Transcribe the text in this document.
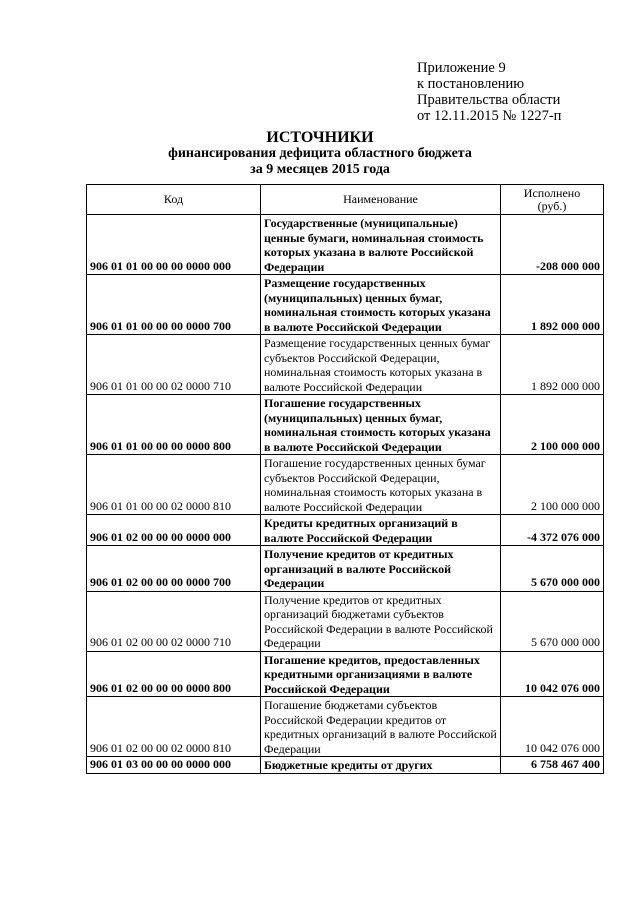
Приложение 9
к постановлению
Правительства области
от 12.11.2015 № 1227-п
ИСТОЧНИКИ
финансирования дефицита областного бюджета
за 9 месяцев 2015 года
Код	Наименование	Исполнено
(руб.)
906 01 01 00 00 00 0000 000	Государственные (муниципальные) ценные бумаги, номинальная стоимость которых указана в валюте Российской Федерации	-208 000 000
906 01 01 00 00 00 0000 700	Размещение государственных (муниципальных) ценных бумаг, номинальная стоимость которых указана в валюте Российской Федерации	1 892 000 000
906 01 01 00 00 02 0000 710	Размещение государственных ценных бумаг субъектов Российской Федерации, номинальная стоимость которых указана в валюте Российской Федерации	1 892 000 000
906 01 01 00 00 00 0000 800	Погашение государственных (муниципальных) ценных бумаг, номинальная стоимость которых указана в валюте Российской Федерации	2 100 000 000
906 01 01 00 00 02 0000 810	Погашение государственных ценных бумаг субъектов Российской Федерации, номинальная стоимость которых указана в валюте Российской Федерации	2 100 000 000
906 01 02 00 00 00 0000 000	Кредиты кредитных организаций в валюте Российской Федерации	-4 372 076 000
906 01 02 00 00 00 0000 700	Получение кредитов от кредитных организаций в валюте Российской Федерации	5 670 000 000
906 01 02 00 00 02 0000 710	Получение кредитов от кредитных организаций бюджетами субъектов Российской Федерации в валюте Российской Федерации	5 670 000 000
906 01 02 00 00 00 0000 800	Погашение кредитов, предоставленных кредитными организациями в валюте Российской Федерации	10 042 076 000
906 01 02 00 00 02 0000 810	Погашение бюджетами субъектов Российской Федерации кредитов от кредитных организаций в валюте Российской Федерации	10 042 076 000
906 01 03 00 00 00 0000 000	Бюджетные кредиты от других	6 758 467 400
